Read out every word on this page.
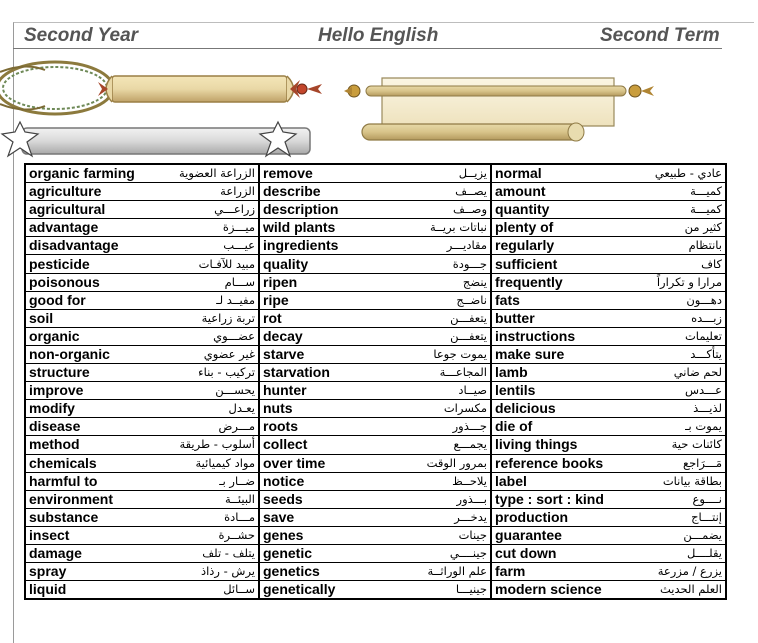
Second Year	Hello English	Second Term
organic farming	الزراعة العضوية	remove	يزيــل	normal	عادي - طبيعي
agriculture	الزراعة	describe	يصــف	amount	كميـــة
agricultural	زراعـــي	description	وصــف	quantity	كميـــة
advantage	ميـــزة	wild plants	نباتات بريــة	plenty of	كثير من
disadvantage	عيـــب	ingredients	مقاديـــر	regularly	بانتظام
pesticide	مبيد للآفـات	quality	جـــودة	sufficient	كاف
poisonous	ســـام	ripen	ينضج	frequently	مرارا و تكراراً
good for	مفيــد لـ	ripe	ناضــج	fats	دهـــون
soil	تربة زراعية	rot	يتعفـــن	butter	زبـــده
organic	عضـــوي	decay	يتعفـــن	instructions	تعليمات
non-organic	غير عضوي	starve	يموت جوعا	make sure	يتأكـــد
structure	تركيب - بناء	starvation	المجاعـــة	lamb	لحم ضاني
improve	يحســـن	hunter	صيــاد	lentils	عـــدس
modify	يعـدل	nuts	مكسرات	delicious	لذيـــذ
disease	مـــرض	roots	جـــذور	die of	يموت بـ
method	أسلوب - طريقة	collect	يجمـــع	living things	كائنات حية
chemicals	مواد كيميائية	over time	بمرور الوقت	reference books	مَـــرَاجع
harmful to	ضــار بـ	notice	يلاحــظ	label	بطاقة بيانات
environment	البيئــة	seeds	بـــذور	type : sort : kind	نــــوع
substance	مـــادة	save	يدخـــر	production	إنتـــاج
insect	حشــرة	genes	جينات	guarantee	يضمـــن
damage	يتلف - تلف	genetic	جينــــي	cut down	يقلــــل
spray	يرش - رذاذ	genetics	علم الوراثــة	farm	يزرع / مزرعة
liquid	ســائل	genetically	جينيـــا	modern science	العلم الحديث
